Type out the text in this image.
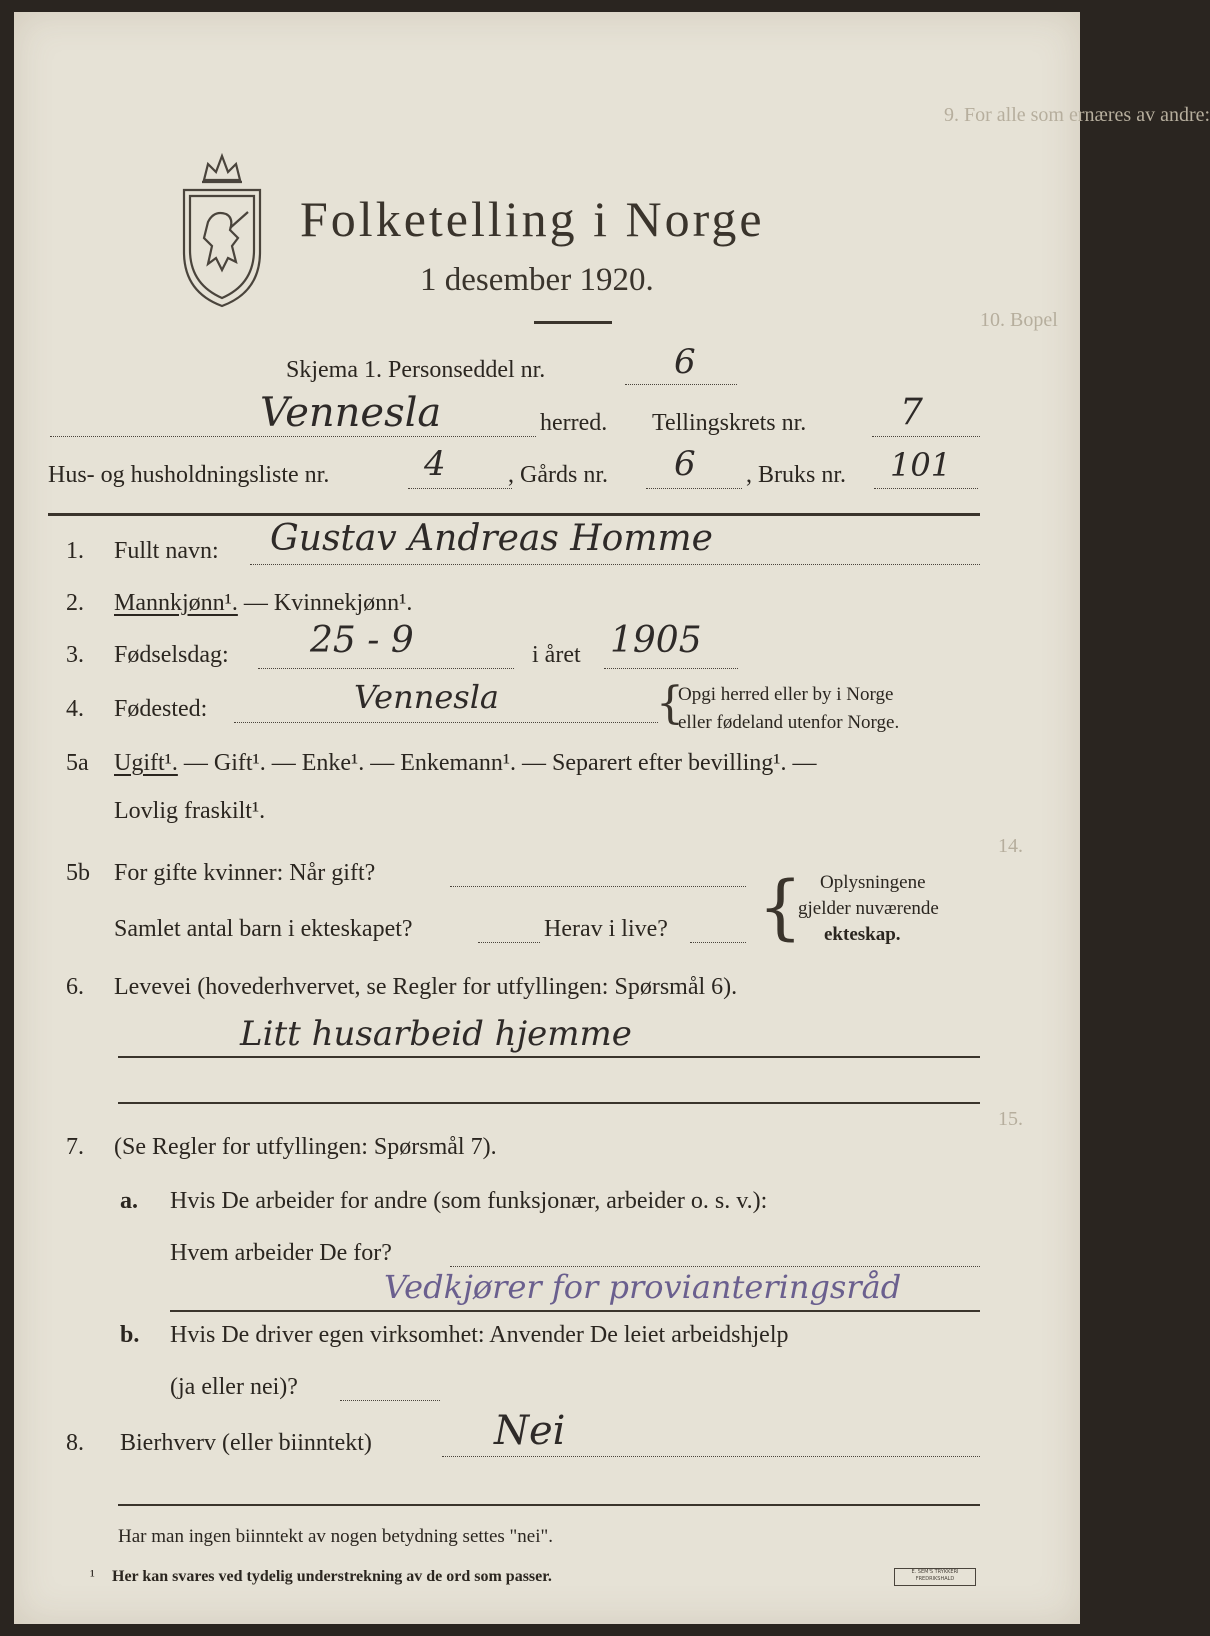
9. For alle som ernæres av andre:
10. Bopel
14.
15.
Folketelling i Norge
1 desember 1920.
Skjema 1. Personseddel nr.	6
Vennesla	herred. Tellingskrets nr.	7
Hus- og husholdningsliste nr.	4	, Gårds nr. 6 , Bruks nr. 101
1. Fullt navn: Gustav Andreas Homme
2. Mannkjønn¹. — Kvinnekjønn¹.
3. Fødselsdag: 25 - 9	i året 1905
4. Fødested:	Vennesla	{
Opgi herred eller by i Norge
eller fødeland utenfor Norge.
5a Ugift¹. — Gift¹. — Enke¹. — Enkemann¹. — Separert efter bevilling¹. —
Lovlig fraskilt¹.
5b For gifte kvinner: Når gift?
Samlet antal barn i ekteskapet?	Herav i live? { Oplysningene
gjelder nuværende
ekteskap.
6. Levevei (hovederhvervet, se Regler for utfyllingen: Spørsmål 6).
Litt husarbeid hjemme
7. (Se Regler for utfyllingen: Spørsmål 7).
a. Hvis De arbeider for andre (som funksjonær, arbeider o. s. v.):
Hvem arbeider De for?
Vedkjører for provianteringsråd
b. Hvis De driver egen virksomhet: Anvender De leiet arbeidshjelp
(ja eller nei)?
8. Bierhverv (eller biinntekt)	Nei
Har man ingen biinntekt av nogen betydning settes "nei".
¹ Her kan svares ved tydelig understrekning av de ord som passer.	E. SEM'S TRYKKERI FREDRIKSHALD
